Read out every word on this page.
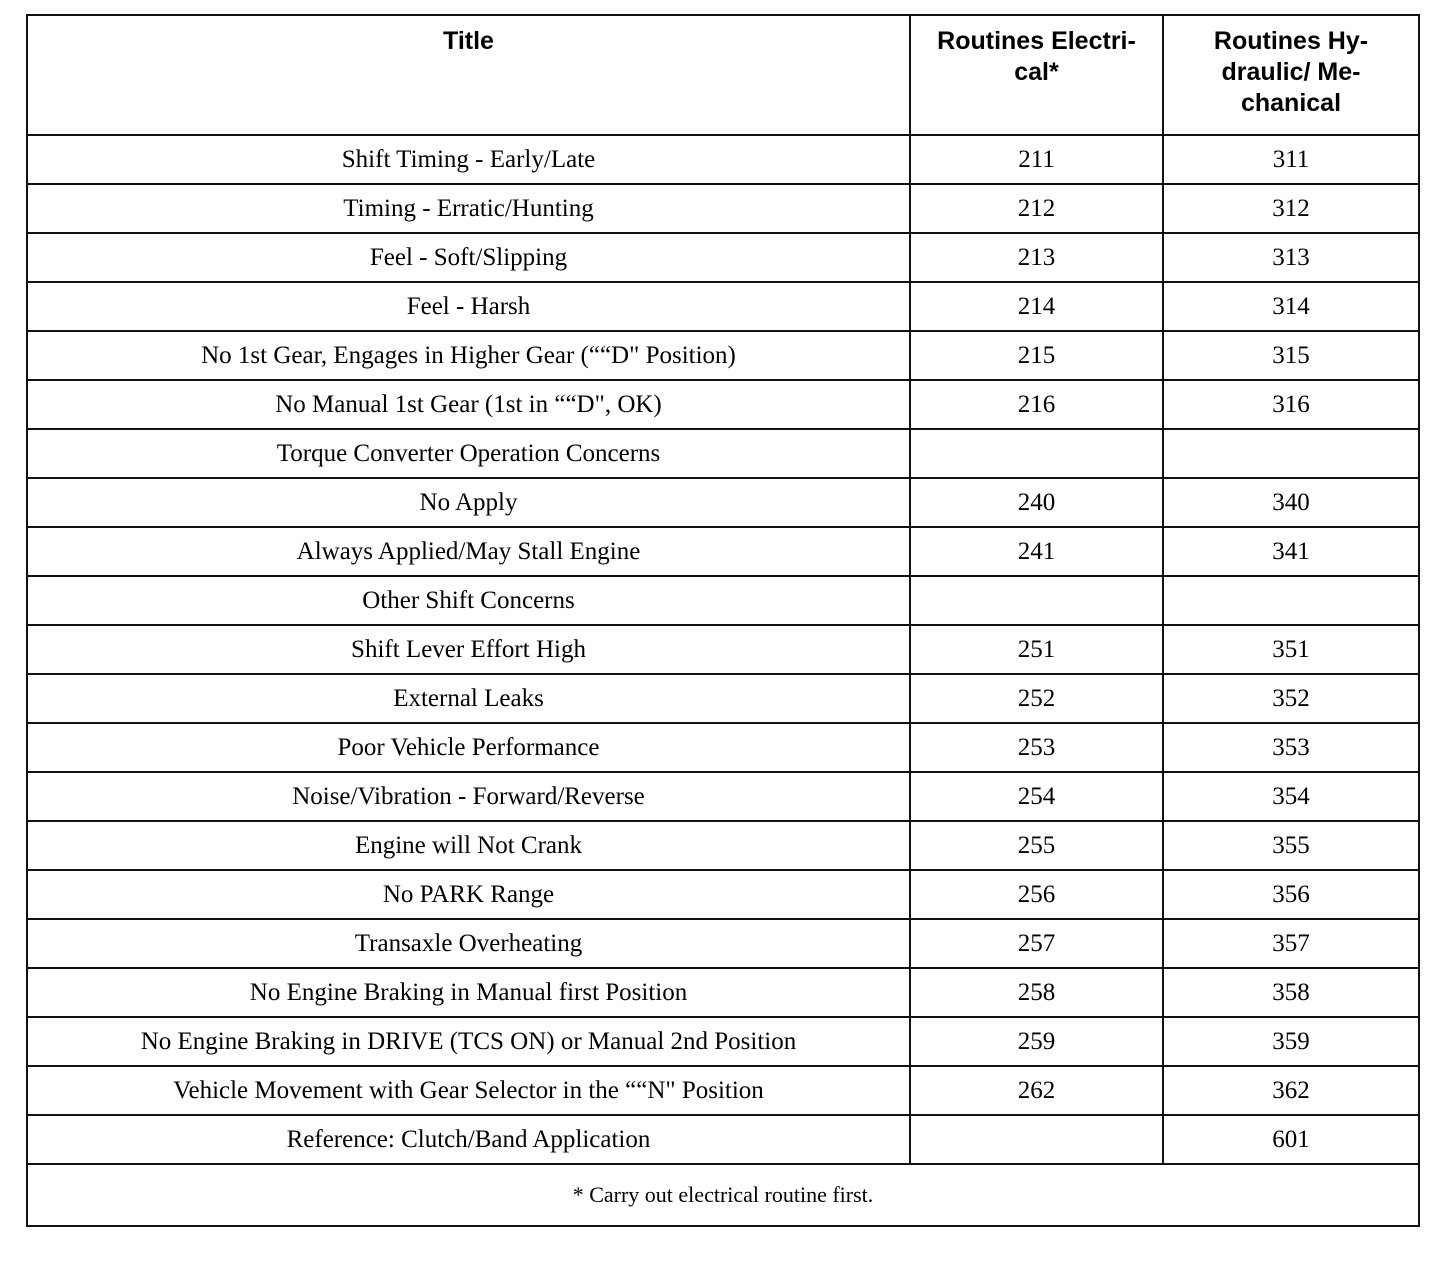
Title	Routines Electri-cal*	Routines Hy-draulic/ Me-chanical
Shift Timing - Early/Late	211	311
Timing - Erratic/Hunting	212	312
Feel - Soft/Slipping	213	313
Feel - Harsh	214	314
No 1st Gear, Engages in Higher Gear (““D" Position)	215	315
No Manual 1st Gear (1st in ““D", OK)	216	316
Torque Converter Operation Concerns		
No Apply	240	340
Always Applied/May Stall Engine	241	341
Other Shift Concerns		
Shift Lever Effort High	251	351
External Leaks	252	352
Poor Vehicle Performance	253	353
Noise/Vibration - Forward/Reverse	254	354
Engine will Not Crank	255	355
No PARK Range	256	356
Transaxle Overheating	257	357
No Engine Braking in Manual first Position	258	358
No Engine Braking in DRIVE (TCS ON) or Manual 2nd Position	259	359
Vehicle Movement with Gear Selector in the ““N" Position	262	362
Reference: Clutch/Band Application		601
* Carry out electrical routine first.		
